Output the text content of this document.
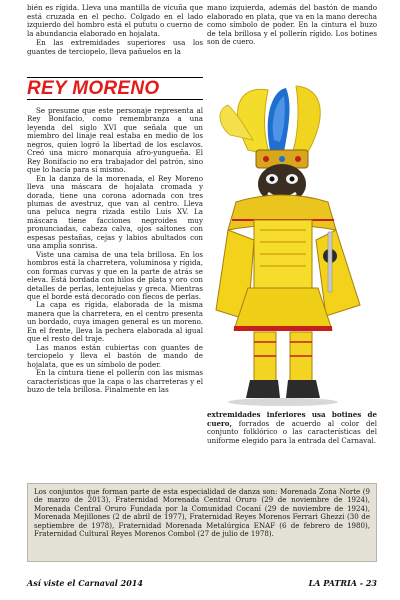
bién es rígida. Lleva una mantilla de vicuña que está cruzada en el pecho. Colgado en el lado izquierdo del hombro está el pututu o cuerno de la abundancia elaborado en hojalata.

En las extremidades superiores usa los guantes de terciopelo, lleva pañuelos en la

REY MORENO

Se presume que este personaje representa al Rey Bonifacio, como remembranza a una leyenda del siglo XVI que señala que un miembro del linaje real estaba en medio de los negros, quien logró la libertad de los esclavos. Creó una micro monarquía afro-yungueña. El Rey Bonifacio no era trabajador del patrón, sino que lo hacía para sí mismo.

En la danza de la morenada, el Rey Moreno lleva una máscara de hojalata cromada y dorada, tiene una corona adornada con tres plumas de avestruz, que van al centro. Lleva una peluca negra rizada estilo Luis XV. La máscara tiene facciones negroides muy pronunciadas, cabeza calva, ojos saltones con espesas pestañas, cejas y labios abultados con una amplia sonrisa.

Viste una camisa de una tela brillosa. En los hombros está la charretera, voluminosa y rígida, con formas curvas y que en la parte de atrás se eleva. Está bordada con hilos de plata y oro con detalles de perlas, lentejuelas y greca. Mientras que el borde está decorado con flecos de perlas.

La capa es rígida, elaborada de la misma manera que la charretera, en el centro presenta un bordado, cuya imagen general es un moreno. En el frente, lleva la pechera elaborada al igual que el resto del traje.

Las manos están cubiertas con guantes de terciopelo y lleva el bastón de mando de hojalata, que es un símbolo de poder.

En la cintura tiene el pollerín con las mismas características que la capa o las charreteras y el buzo de tela brillosa. Finalmente en las

mano izquierda, además del bastón de mando elaborado en plata, que va en la mano derecha como símbolo de poder. En la cintura el buzo de tela brillosa y el pollerín rígido. Los botines son de cuero.

extremidades inferiores usa botines de cuero, forrados de acuerdo al color del conjunto folklórico o las características del uniforme elegido para la entrada del Carnaval.

Los conjuntos que forman parte de esta especialidad de danza son: Morenada Zona Norte (9 de marzo de 2013), Fraternidad Morenada Central Oruro (29 de noviembre de 1924), Morenada Central Oruro Fundada por la Comunidad Cocaní (29 de noviembre de 1924), Morenada Mejillones (2 de abril de 1977), Fraternidad Reyes Morenos Ferrari Ghezzi (30 de septiembre de 1978), Fraternidad Morenada Metalúrgica ENAF (6 de febrero de 1980), Fraternidad Cultural Reyes Morenos Combol (27 de julio de 1978).

Así viste el Carnaval 2014	LA PATRIA - 23
